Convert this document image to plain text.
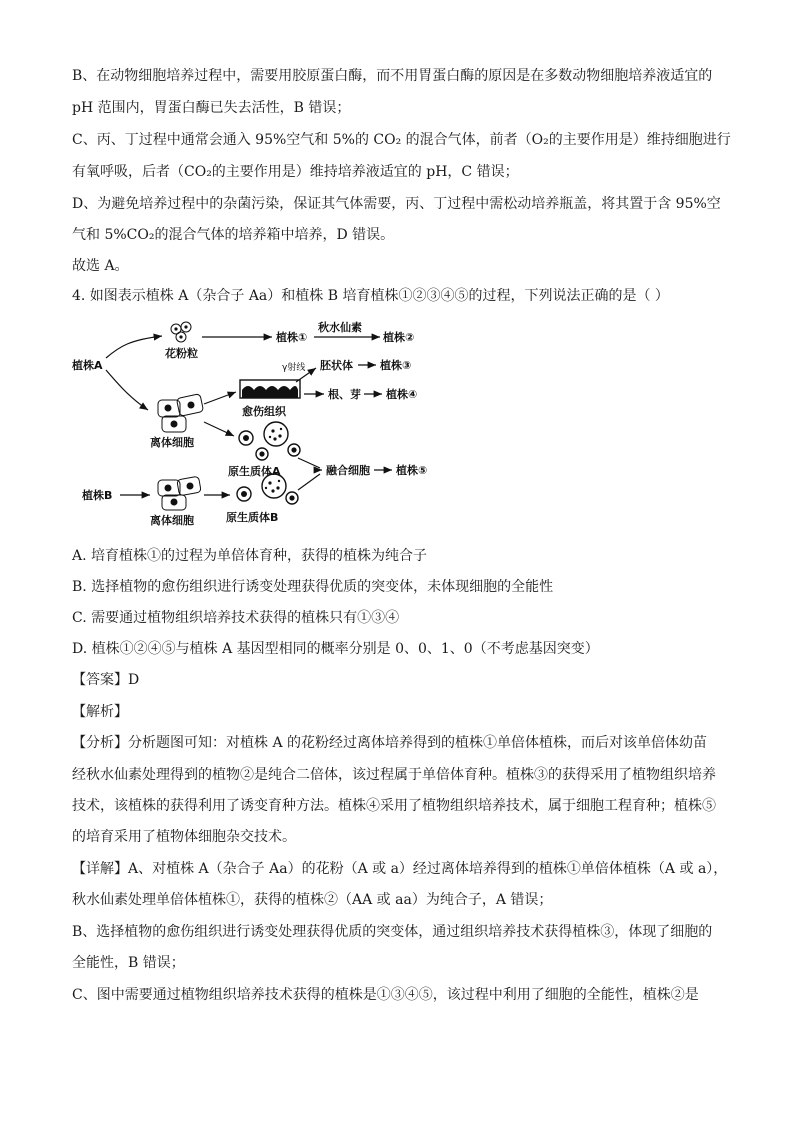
B、在动物细胞培养过程中，需要用胶原蛋白酶，而不用胃蛋白酶的原因是在多数动物细胞培养液适宜的
pH 范围内，胃蛋白酶已失去活性，B 错误；
C、丙、丁过程中通常会通入 95%空气和 5%的 CO₂ 的混合气体，前者（O₂的主要作用是）维持细胞进行
有氧呼吸，后者（CO₂的主要作用是）维持培养液适宜的 pH，C 错误；
D、为避免培养过程中的杂菌污染，保证其气体需要，丙、丁过程中需松动培养瓶盖，将其置于含 95%空
气和 5%CO₂的混合气体的培养箱中培养，D 错误。
故选 A。
4. 如图表示植株 A（杂合子 Aa）和植株 B 培育植株①②③④⑤的过程，下列说法正确的是（ ）
植株A
花粉粒
植株①
秋水仙素
植株②
离体细胞
愈伤组织
γ射线 胚状体 植株③
根、芽 植株④
原生质体A	融合细胞 植株⑤
植株B
离体细胞	原生质体B
A. 培育植株①的过程为单倍体育种，获得的植株为纯合子
B. 选择植物的愈伤组织进行诱变处理获得优质的突变体，未体现细胞的全能性
C. 需要通过植物组织培养技术获得的植株只有①③④
D. 植株①②④⑤与植株 A 基因型相同的概率分别是 0、0、1、0（不考虑基因突变）
【答案】D
【解析】
【分析】分析题图可知：对植株 A 的花粉经过离体培养得到的植株①单倍体植株，而后对该单倍体幼苗
经秋水仙素处理得到的植物②是纯合二倍体，该过程属于单倍体育种。植株③的获得采用了植物组织培养
技术，该植株的获得利用了诱变育种方法。植株④采用了植物组织培养技术，属于细胞工程育种；植株⑤
的培育采用了植物体细胞杂交技术。
【详解】A、对植株 A（杂合子 Aa）的花粉（A 或 a）经过离体培养得到的植株①单倍体植株（A 或 a），
秋水仙素处理单倍体植株①，获得的植株②（AA 或 aa）为纯合子，A 错误；
B、选择植物的愈伤组织进行诱变处理获得优质的突变体，通过组织培养技术获得植株③，体现了细胞的
全能性，B 错误；
C、图中需要通过植物组织培养技术获得的植株是①③④⑤，该过程中利用了细胞的全能性，植株②是
